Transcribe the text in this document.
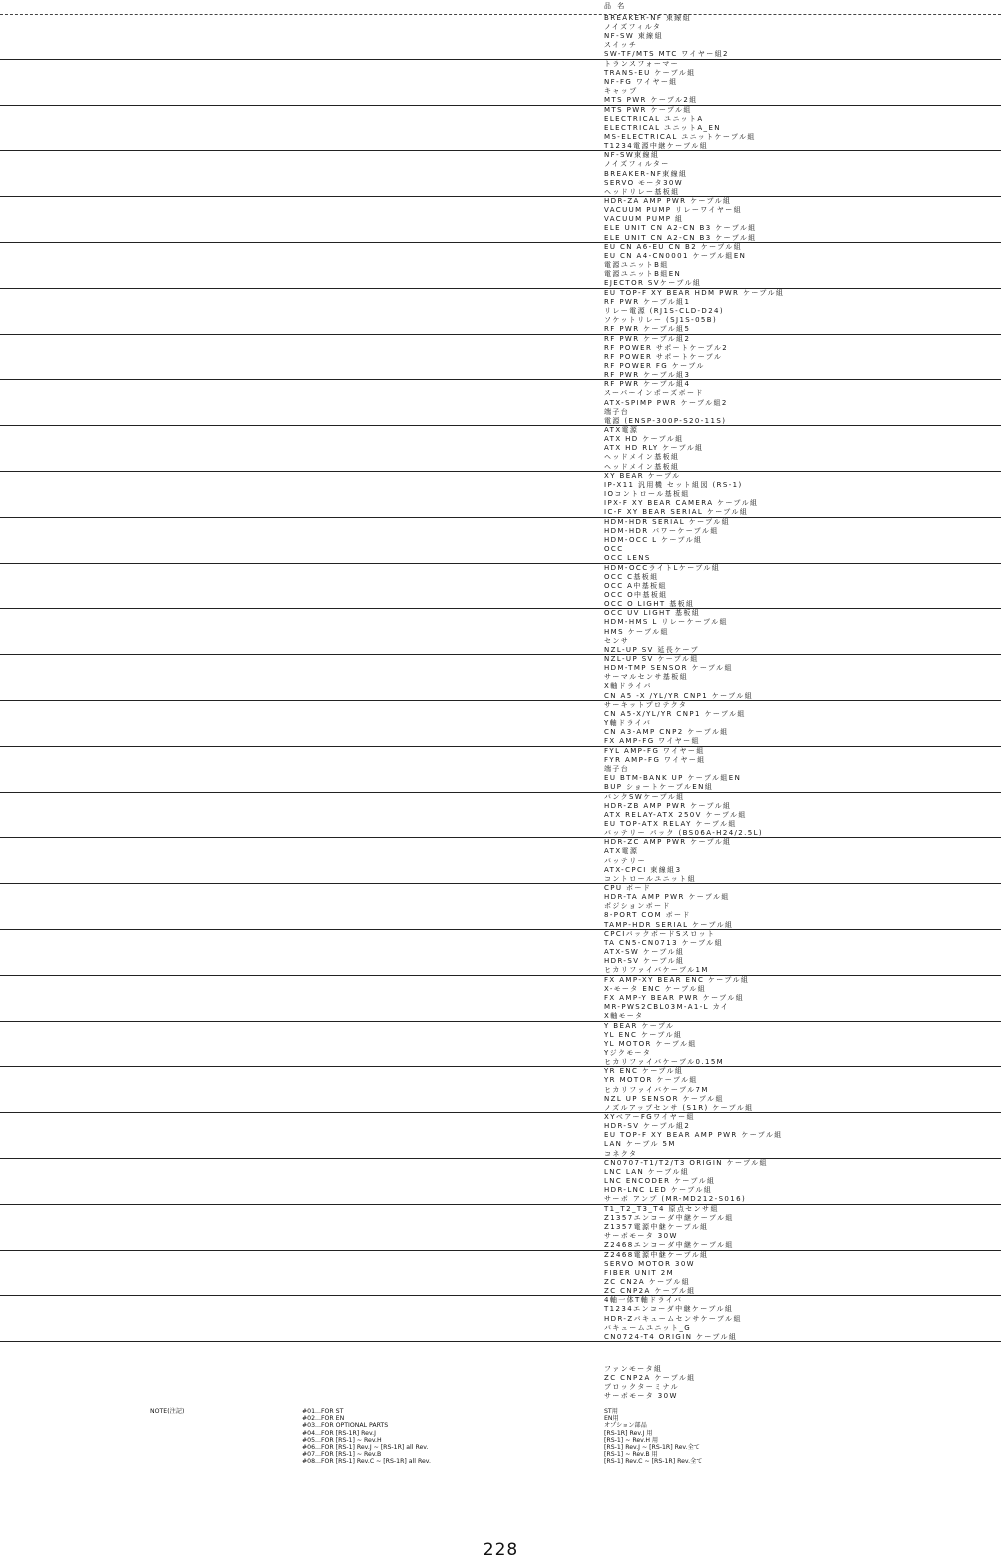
品 名
BREAKER-NF 束線組
ノイズフィルタ
NF-SW 束線組
スイッチ
SW-TF/MTS MTC ワイヤー組2
トランスフォーマー
TRANS-EU ケーブル組
NF-FG ワイヤー組
キャップ
MTS PWR ケーブル2組
MTS PWR ケーブル組
ELECTRICAL ユニットA
ELECTRICAL ユニットA_EN
MS-ELECTRICAL ユニットケーブル組
T1234電源中継ケーブル組
NF-SW束線組
ノイズフィルター
BREAKER-NF束線組
SERVO モータ30W
ヘッドリレー基板組
HDR-ZA AMP PWR ケーブル組
VACUUM PUMP リレーワイヤー組
VACUUM PUMP 組
ELE UNIT CN A2-CN B3 ケーブル組
ELE UNIT CN A2-CN B3 ケーブル組
EU CN A6-EU CN B2 ケーブル組
EU CN A4-CN0001 ケーブル組EN
電源ユニットB組
電源ユニットB組EN
EJECTOR SVケーブル組
EU TOP-F XY BEAR HDM PWR ケーブル組
RF PWR ケーブル組1
リレー電源 (RJ1S-CLD-D24)
ソケットリレー (SJ1S-05B)
RF PWR ケーブル組5
RF PWR ケーブル組2
RF POWER サポートケーブル2
RF POWER サポートケーブル
RF POWER FG ケーブル
RF PWR ケーブル組3
RF PWR ケーブル組4
スーパーインポーズボード
ATX-SPIMP PWR ケーブル組2
端子台
電源 (ENSP-300P-S20-11S)
ATX電源
ATX HD ケーブル組
ATX HD RLY ケーブル組
ヘッドメイン基板組
ヘッドメイン基板組
XY BEAR ケーブル
IP-X11 汎用機 セット組図 (RS-1)
IOコントロール基板組
IPX-F XY BEAR CAMERA ケーブル組
IC-F XY BEAR SERIAL ケーブル組
HDM-HDR SERIAL ケーブル組
HDM-HDR パワーケーブル組
HDM-OCC L ケーブル組
OCC
OCC LENS
HDM-OCCライトLケーブル組
OCC C基板組
OCC A中基板組
OCC O中基板組
OCC O LIGHT 基板組
OCC UV LIGHT 基板組
HDM-HMS L リレーケーブル組
HMS ケーブル組
センサ
NZL-UP SV 延長ケーブ
NZL-UP SV ケーブル組
HDM-TMP SENSOR ケーブル組
サーマルセンサ基板組
X軸ドライバ
CN A5 -X /YL/YR CNP1 ケーブル組
サーキットプロテクタ
CN A5-X/YL/YR CNP1 ケーブル組
Y軸ドライバ
CN A3-AMP CNP2 ケーブル組
FX AMP-FG ワイヤー組
FYL AMP-FG ワイヤー組
FYR AMP-FG ワイヤー組
端子台
EU BTM-BANK UP ケーブル組EN
BUP ショートケーブルEN組
バンクSWケーブル組
HDR-ZB AMP PWR ケーブル組
ATX RELAY-ATX 250V ケーブル組
EU TOP-ATX RELAY ケーブル組
バッテリー パック (BS06A-H24/2.5L)
HDR-ZC AMP PWR ケーブル組
ATX電源
バッテリー
ATX-CPCI 束線組3
コントロールユニット組
CPU ボード
HDR-TA AMP PWR ケーブル組
ポジションボード
8-PORT COM ボード
TAMP-HDR SERIAL ケーブル組
CPCIバックボードSスロット
TA CN5-CN0713 ケーブル組
ATX-SW ケーブル組
HDR-SV ケーブル組
ヒカリファイバケーブル1M
FX AMP-XY BEAR ENC ケーブル組
X-モータ ENC ケーブル組
FX AMP-Y BEAR PWR ケーブル組
MR-PWS2CBL03M-A1-L カイ
X軸モータ
Y BEAR ケーブル
YL ENC ケーブル組
YL MOTOR ケーブル組
Yジクモータ
ヒカリファイバケーブル0.15M
YR ENC ケーブル組
YR MOTOR ケーブル組
ヒカリファイバケーブル7M
NZL UP SENSOR ケーブル組
ノズルアップセンサ (S1R) ケーブル組
XYベアーFGワイヤー組
HDR-SV ケーブル組2
EU TOP-F XY BEAR AMP PWR ケーブル組
LAN ケーブル 5M
コネクタ
CN0707-T1/T2/T3 ORIGIN ケーブル組
LNC LAN ケーブル組
LNC ENCODER ケーブル組
HDR-LNC LED ケーブル組
サーボ アンプ (MR-MD212-S016)
T1_T2_T3_T4 原点センサ組
Z1357エンコーダ中継ケーブル組
Z1357電源中継ケーブル組
サーボモータ 30W
Z2468エンコーダ中継ケーブル組
Z2468電源中継ケーブル組
SERVO MOTOR 30W
FIBER UNIT 2M
ZC CN2A ケーブル組
ZC CNP2A ケーブル組
4軸一体T軸ドライバ
T1234エンコーダ中継ケーブル組
HDR-Zバキュームセンサケーブル組
バキュームユニット_G
CN0724-T4 ORIGIN ケーブル組
ファンモータ組
ZC CNP2A ケーブル組
ブロックターミナル
サーボモータ 30W
NOTE(注記)	#01...FOR ST
#02...FOR EN
#03...FOR OPTIONAL PARTS
#04...FOR [RS-1R] Rev.J
#05...FOR [RS-1] ~ Rev.H
#06...FOR [RS-1] Rev.J ~ [RS-1R] all Rev.
#07...FOR [RS-1] ~ Rev.B
#08...FOR [RS-1] Rev.C ~ [RS-1R] all Rev.
ST用
EN用
オプション部品
[RS-1R] Rev.J 用
[RS-1] ~ Rev.H 用
[RS-1] Rev.J ~ [RS-1R] Rev.全て
[RS-1] ~ Rev.B 用
[RS-1] Rev.C ~ [RS-1R] Rev.全て
228
